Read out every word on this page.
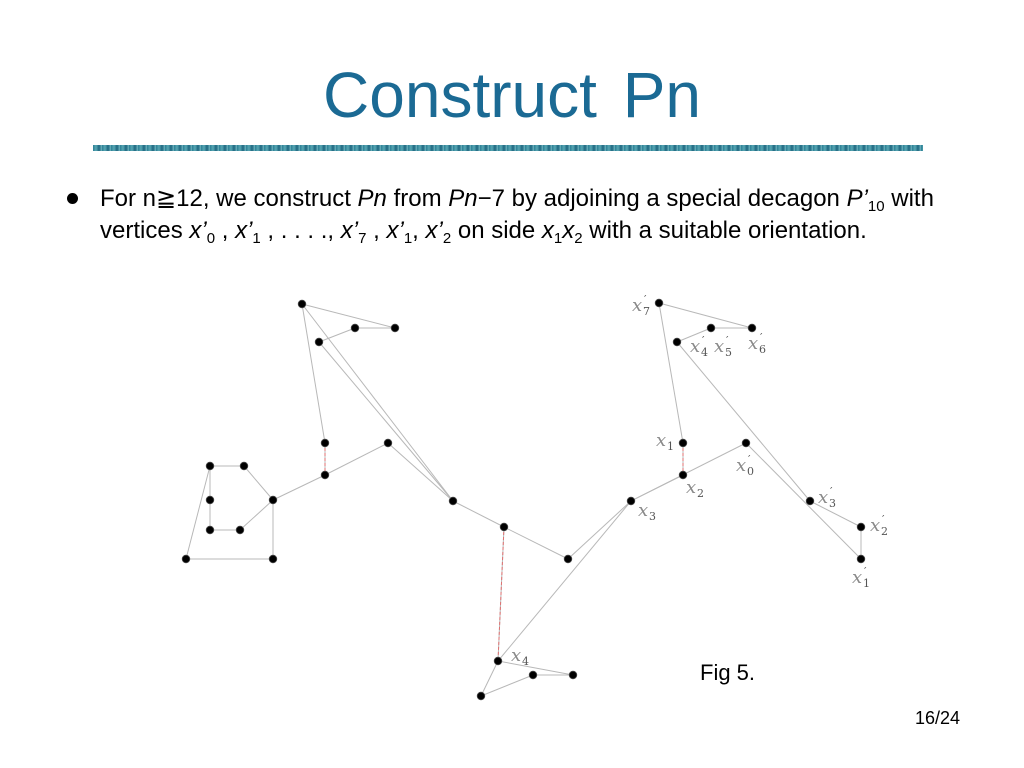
Construct Pn
For n≧12, we construct Pn from Pn−7 by adjoining a special decagon $P’_{10}$ with vertices $x’_0$ , $x’_1$ , . . . ., $x’_7$ , $x’_1$, $x’_2$ on side $x_1x_2$ with a suitable orientation.
x 7
′
x 4
′ x 5
′ x 6
′
x 1
x 0
′
x 2
x 3
x 3
′
x 2
′
x 1
′
x 4	Fig 5.
16/24
